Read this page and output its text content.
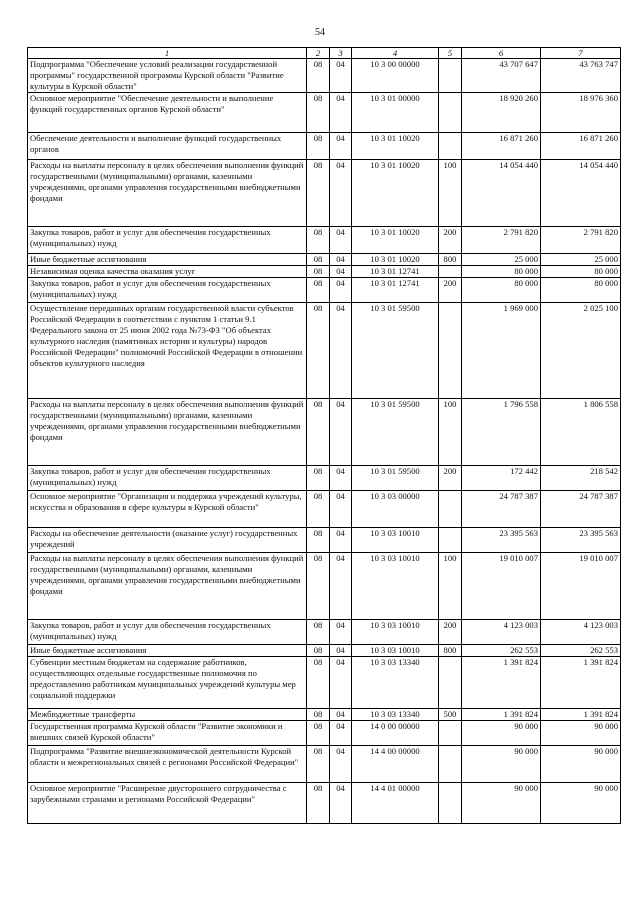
54
1	2	3	4	5	6	7
Подпрограмма "Обеспечение условий реализации государственной программы" государственной программы Курской области "Развитие культуры в Курской области"	08	04	10 3 00 00000		43 707 647	43 763 747
Основное мероприятие "Обеспечение деятельности и выполнение функций государственных органов Курской области"	08	04	10 3 01 00000		18 920 260	18 976 360
Обеспечение деятельности и выполнение функций государственных органов	08	04	10 3 01 10020		16 871 260	16 871 260
Расходы на выплаты персоналу в целях обеспечения выполнения функций государственными (муниципальными) органами, казенными учреждениями, органами управления государственными внебюджетными фондами	08	04	10 3 01 10020	100	14 054 440	14 054 440
Закупка товаров, работ и услуг для обеспечения государственных (муниципальных) нужд	08	04	10 3 01 10020	200	2 791 820	2 791 820
Иные бюджетные ассигнования	08	04	10 3 01 10020	800	25 000	25 000
Независимая оценка качества оказания услуг	08	04	10 3 01 12741		80 000	80 000
Закупка товаров, работ и услуг для обеспечения государственных (муниципальных) нужд	08	04	10 3 01 12741	200	80 000	80 000
Осуществление переданных органам государственной власти субъектов Российской Федерации в соответствии с пунктом 1 статьи 9.1 Федерального закона от 25 июня 2002 года №73-ФЗ "Об объектах культурного наследия (памятниках истории и культуры) народов Российской Федерации" полномочий Российской Федерации в отношении объектов культурного наследия	08	04	10 3 01 59500		1 969 000	2 025 100
Расходы на выплаты персоналу в целях обеспечения выполнения функций государственными (муниципальными) органами, казенными учреждениями, органами управления государственными внебюджетными фондами	08	04	10 3 01 59500	100	1 796 558	1 806 558
Закупка товаров, работ и услуг для обеспечения государственных (муниципальных) нужд	08	04	10 3 01 59500	200	172 442	218 542
Основное мероприятие "Организация и поддержка учреждений культуры, искусства и образования в сфере культуры в Курской области"	08	04	10 3 03 00000		24 787 387	24 787 387
Расходы на обеспечение деятельности (оказание услуг) государственных учреждений	08	04	10 3 03 10010		23 395 563	23 395 563
Расходы на выплаты персоналу в целях обеспечения выполнения функций государственными (муниципальными) органами, казенными учреждениями, органами управления государственными внебюджетными фондами	08	04	10 3 03 10010	100	19 010 007	19 010 007
Закупка товаров, работ и услуг для обеспечения государственных (муниципальных) нужд	08	04	10 3 03 10010	200	4 123 003	4 123 003
Иные бюджетные ассигнования	08	04	10 3 03 10010	800	262 553	262 553
Субвенции местным бюджетам на содержание работников, осуществляющих отдельные государственные полномочия по предоставлению работникам муниципальных учреждений культуры мер социальной поддержки	08	04	10 3 03 13340		1 391 824	1 391 824
Межбюджетные трансферты	08	04	10 3 03 13340	500	1 391 824	1 391 824
Государственная программа Курской области "Развитие экономики и внешних связей Курской области"	08	04	14 0 00 00000		90 000	90 000
Подпрограмма "Развитие внешнеэкономической деятельности Курской области и межрегиональных связей с регионами Российской Федерации"	08	04	14 4 00 00000		90 000	90 000
Основное мероприятие "Расширение двустороннего сотрудничества с зарубежными странами и регионами Российской Федерации"	08	04	14 4 01 00000		90 000	90 000
